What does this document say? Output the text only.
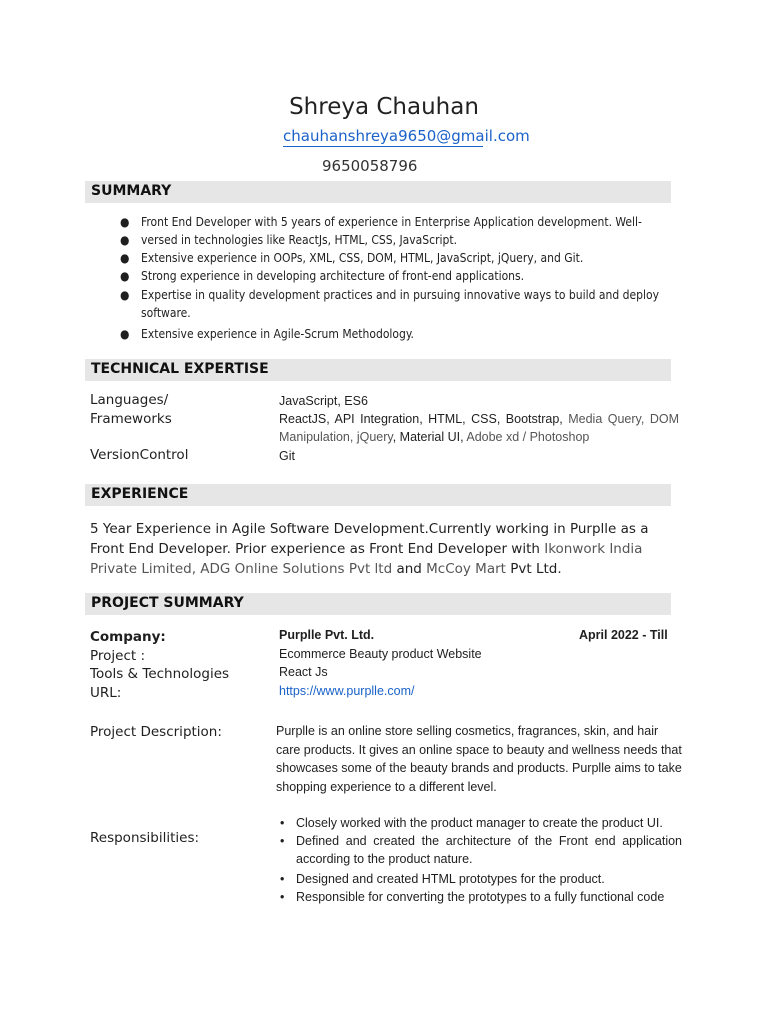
Shreya Chauhan
chauhanshreya9650@gmail.com
9650058796
SUMMARY
● Front End Developer with 5 years of experience in Enterprise Application development. Well-
● versed in technologies like ReactJs, HTML, CSS, JavaScript.
● Extensive experience in OOPs, XML, CSS, DOM, HTML, JavaScript, jQuery, and Git.
● Strong experience in developing architecture of front-end applications.
● Expertise in quality development practices and in pursuing innovative ways to build and deploy software.
● Extensive experience in Agile-Scrum Methodology.
TECHNICAL EXPERTISE
Languages/
Frameworks
VersionControl
JavaScript, ES6
ReactJS, API Integration, HTML, CSS, Bootstrap, Media Query, DOM Manipulation, jQuery, Material UI, Adobe xd / Photoshop
Git
EXPERIENCE
5 Year Experience in Agile Software Development.Currently working in Purplle as a Front End Developer. Prior experience as Front End Developer with Ikonwork India Private Limited, ADG Online Solutions Pvt ltd and McCoy Mart Pvt Ltd.
PROJECT SUMMARY
Company:
Project :
Tools & Technologies
URL:
Purplle Pvt. Ltd.	April 2022 - Till
Ecommerce Beauty product Website
React Js
https://www.purplle.com/
Project Description:	Purplle is an online store selling cosmetics, fragrances, skin, and hair care products. It gives an online space to beauty and wellness needs that showcases some of the beauty brands and products. Purplle aims to take shopping experience to a different level.
Responsibilities:
• Closely worked with the product manager to create the product UI.
• Defined and created the architecture of the Front end application according to the product nature.
• Designed and created HTML prototypes for the product.
• Responsible for converting the prototypes to a fully functional code
